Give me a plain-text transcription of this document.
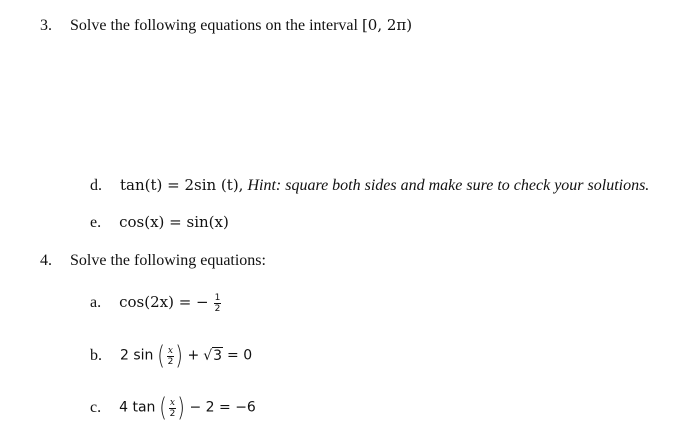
3. Solve the following equations on the interval [0, 2π)
d. tan(t) = 2sin (t), Hint: square both sides and make sure to check your solutions.
e. cos(x) = sin(x)
4. Solve the following equations:
a. cos(2x) = − $\frac{1}{2}$
b. 2 sin ( $\frac{x}{2}$ ) + √3 = 0
c. 4 tan ( $\frac{x}{2}$ ) − 2 = −6
